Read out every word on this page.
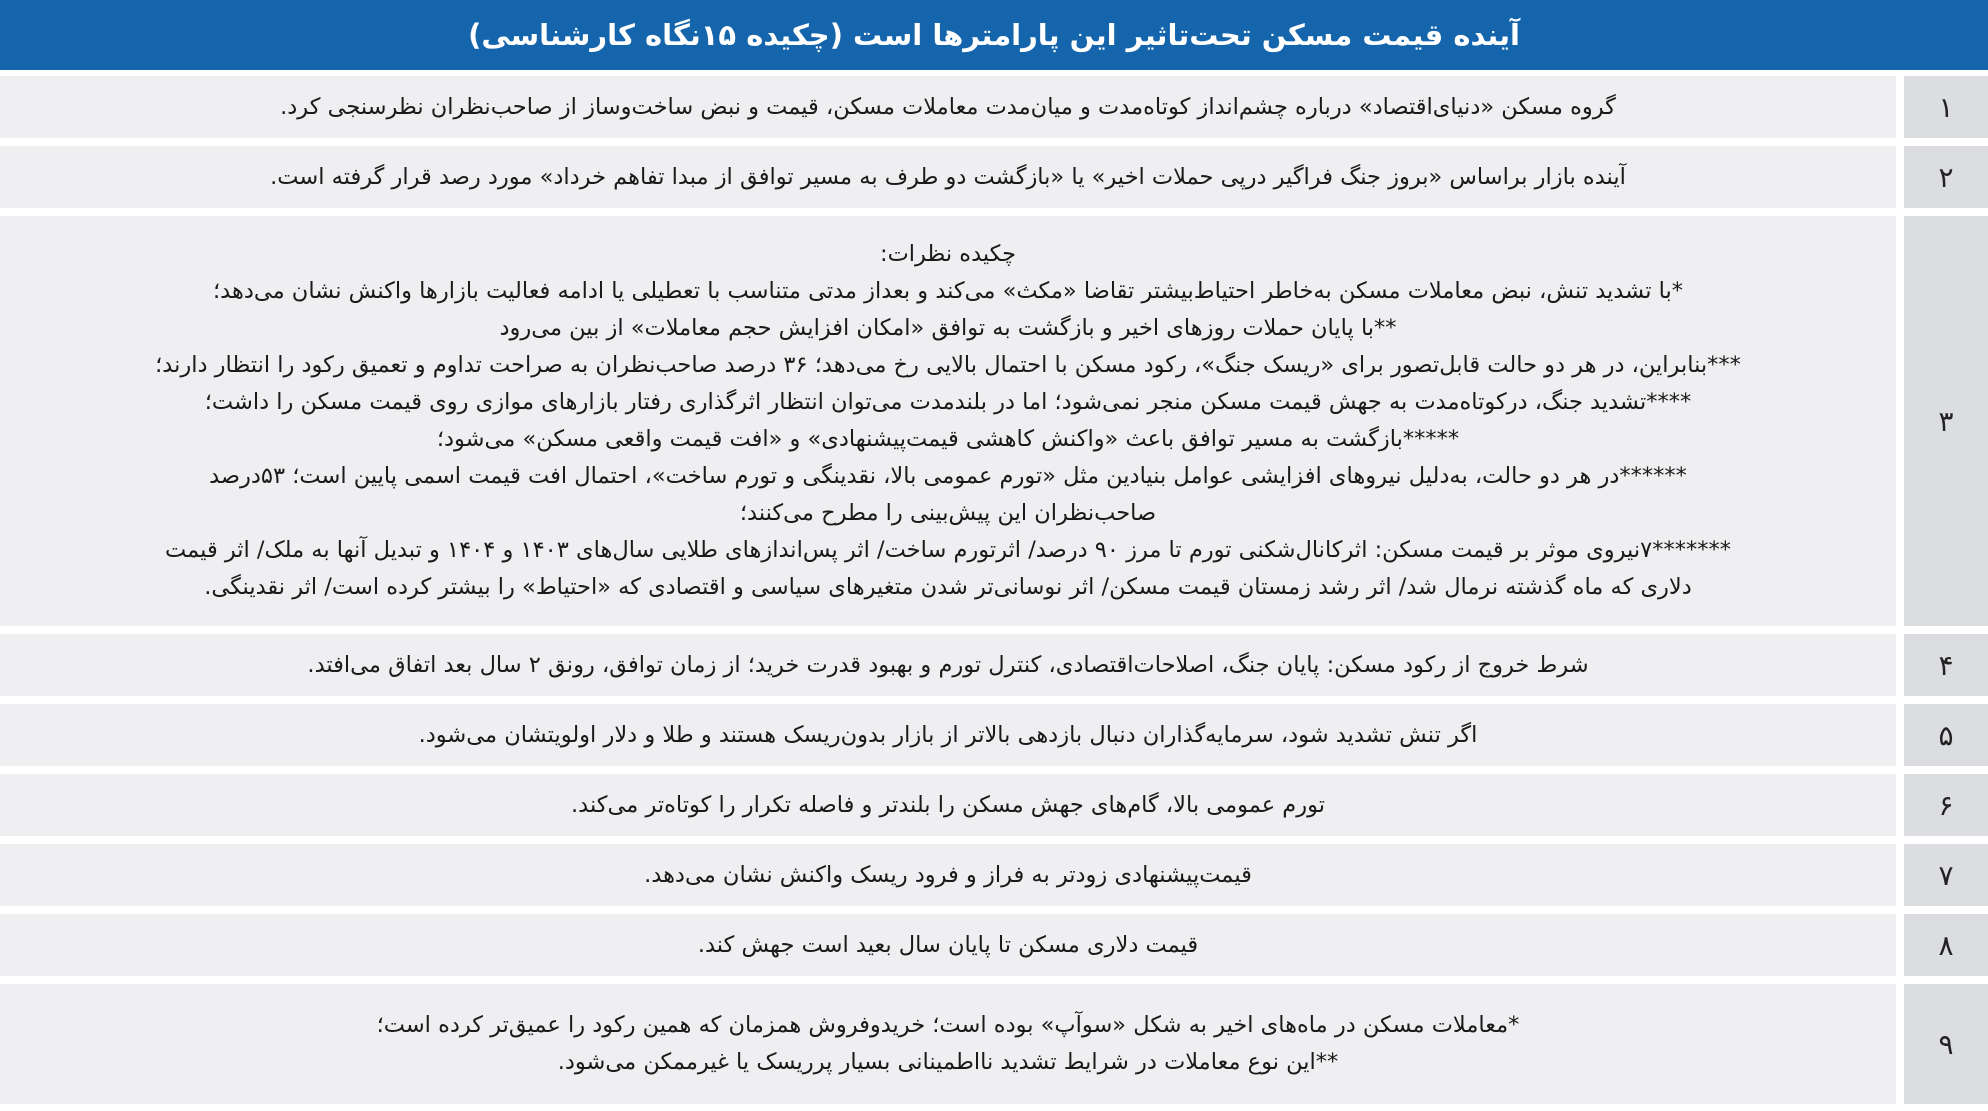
آینده قیمت مسکن تحت‌تاثیر این پارامترها است (چکیده ۱۵نگاه کارشناسی)
۱
گروه مسکن «دنیای‌اقتصاد» درباره چشم‌انداز کوتاه‌مدت و میان‌مدت معاملات مسکن، قیمت و نبض ساخت‌وساز از صاحب‌نظران نظرسنجی کرد.
۲
آینده بازار براساس «بروز جنگ فراگیر درپی حملات اخیر» یا «بازگشت دو طرف به مسیر توافق از مبدا تفاهم خرداد» مورد رصد قرار گرفته است.
۳
چکیده نظرات:
*با تشدید تنش، نبض معاملات مسکن به‌خاطر احتیاط‌بیشتر تقاضا «مکث» می‌کند و بعداز مدتی متناسب با تعطیلی یا ادامه فعالیت بازارها واکنش نشان می‌دهد؛
**با پایان حملات روزهای اخیر و بازگشت به توافق «امکان افزایش حجم معاملات» از بین می‌رود
***بنابراین، در هر دو حالت قابل‌تصور برای «ریسک جنگ»، رکود مسکن با احتمال بالایی رخ می‌دهد؛ ۳۶ درصد صاحب‌نظران به صراحت تداوم و تعمیق رکود را انتظار دارند؛
****تشدید جنگ، درکوتاه‌مدت به جهش قیمت مسکن منجر نمی‌شود؛ اما در بلندمدت می‌توان انتظار اثرگذاری رفتار بازارهای موازی روی قیمت مسکن را داشت؛
*****بازگشت به مسیر توافق باعث «واکنش کاهشی قیمت‌پیشنهادی» و «افت قیمت واقعی مسکن» می‌شود؛
******در هر دو حالت، به‌دلیل نیروهای افزایشی عوامل بنیادین مثل «تورم عمومی بالا، نقدینگی و تورم ساخت»، احتمال افت قیمت اسمی پایین است؛ ۵۳درصد
صاحب‌نظران این پیش‌بینی را مطرح می‌کنند؛
*******۷نیروی موثر بر قیمت مسکن: اثرکانال‌شکنی تورم تا مرز ۹۰ درصد/ اثرتورم ساخت/ اثر پس‌اندازهای طلایی سال‌های ۱۴۰۳ و ۱۴۰۴ و تبدیل آنها به ملک/ اثر قیمت
دلاری که ماه گذشته نرمال شد/ اثر رشد زمستان قیمت مسکن/ اثر نوسانی‌تر شدن متغیرهای سیاسی و اقتصادی که «احتیاط» را بیشتر کرده است/ اثر نقدینگی.
۴
شرط خروج از رکود مسکن: پایان جنگ، اصلاحات‌اقتصادی، کنترل تورم و بهبود قدرت خرید؛ از زمان توافق، رونق ۲ سال بعد اتفاق می‌افتد.
۵
اگر تنش تشدید شود، سرمایه‌گذاران دنبال بازدهی بالاتر از بازار بدون‌ریسک هستند و طلا و دلار اولویتشان می‌شود.
۶
تورم عمومی بالا، گام‌های جهش مسکن را بلندتر و فاصله تکرار را کوتاه‌تر می‌کند.
۷
قیمت‌پیشنهادی زودتر به فراز و فرود ریسک واکنش نشان می‌دهد.
۸
قیمت دلاری مسکن تا پایان سال بعید است جهش کند.
۹
*معاملات مسکن در ماه‌های اخیر به شکل «سوآپ» بوده است؛ خریدوفروش همزمان که همین رکود را عمیق‌تر کرده است؛
**این نوع معاملات در شرایط تشدید نااطمینانی بسیار پرریسک یا غیرممکن می‌شود.
